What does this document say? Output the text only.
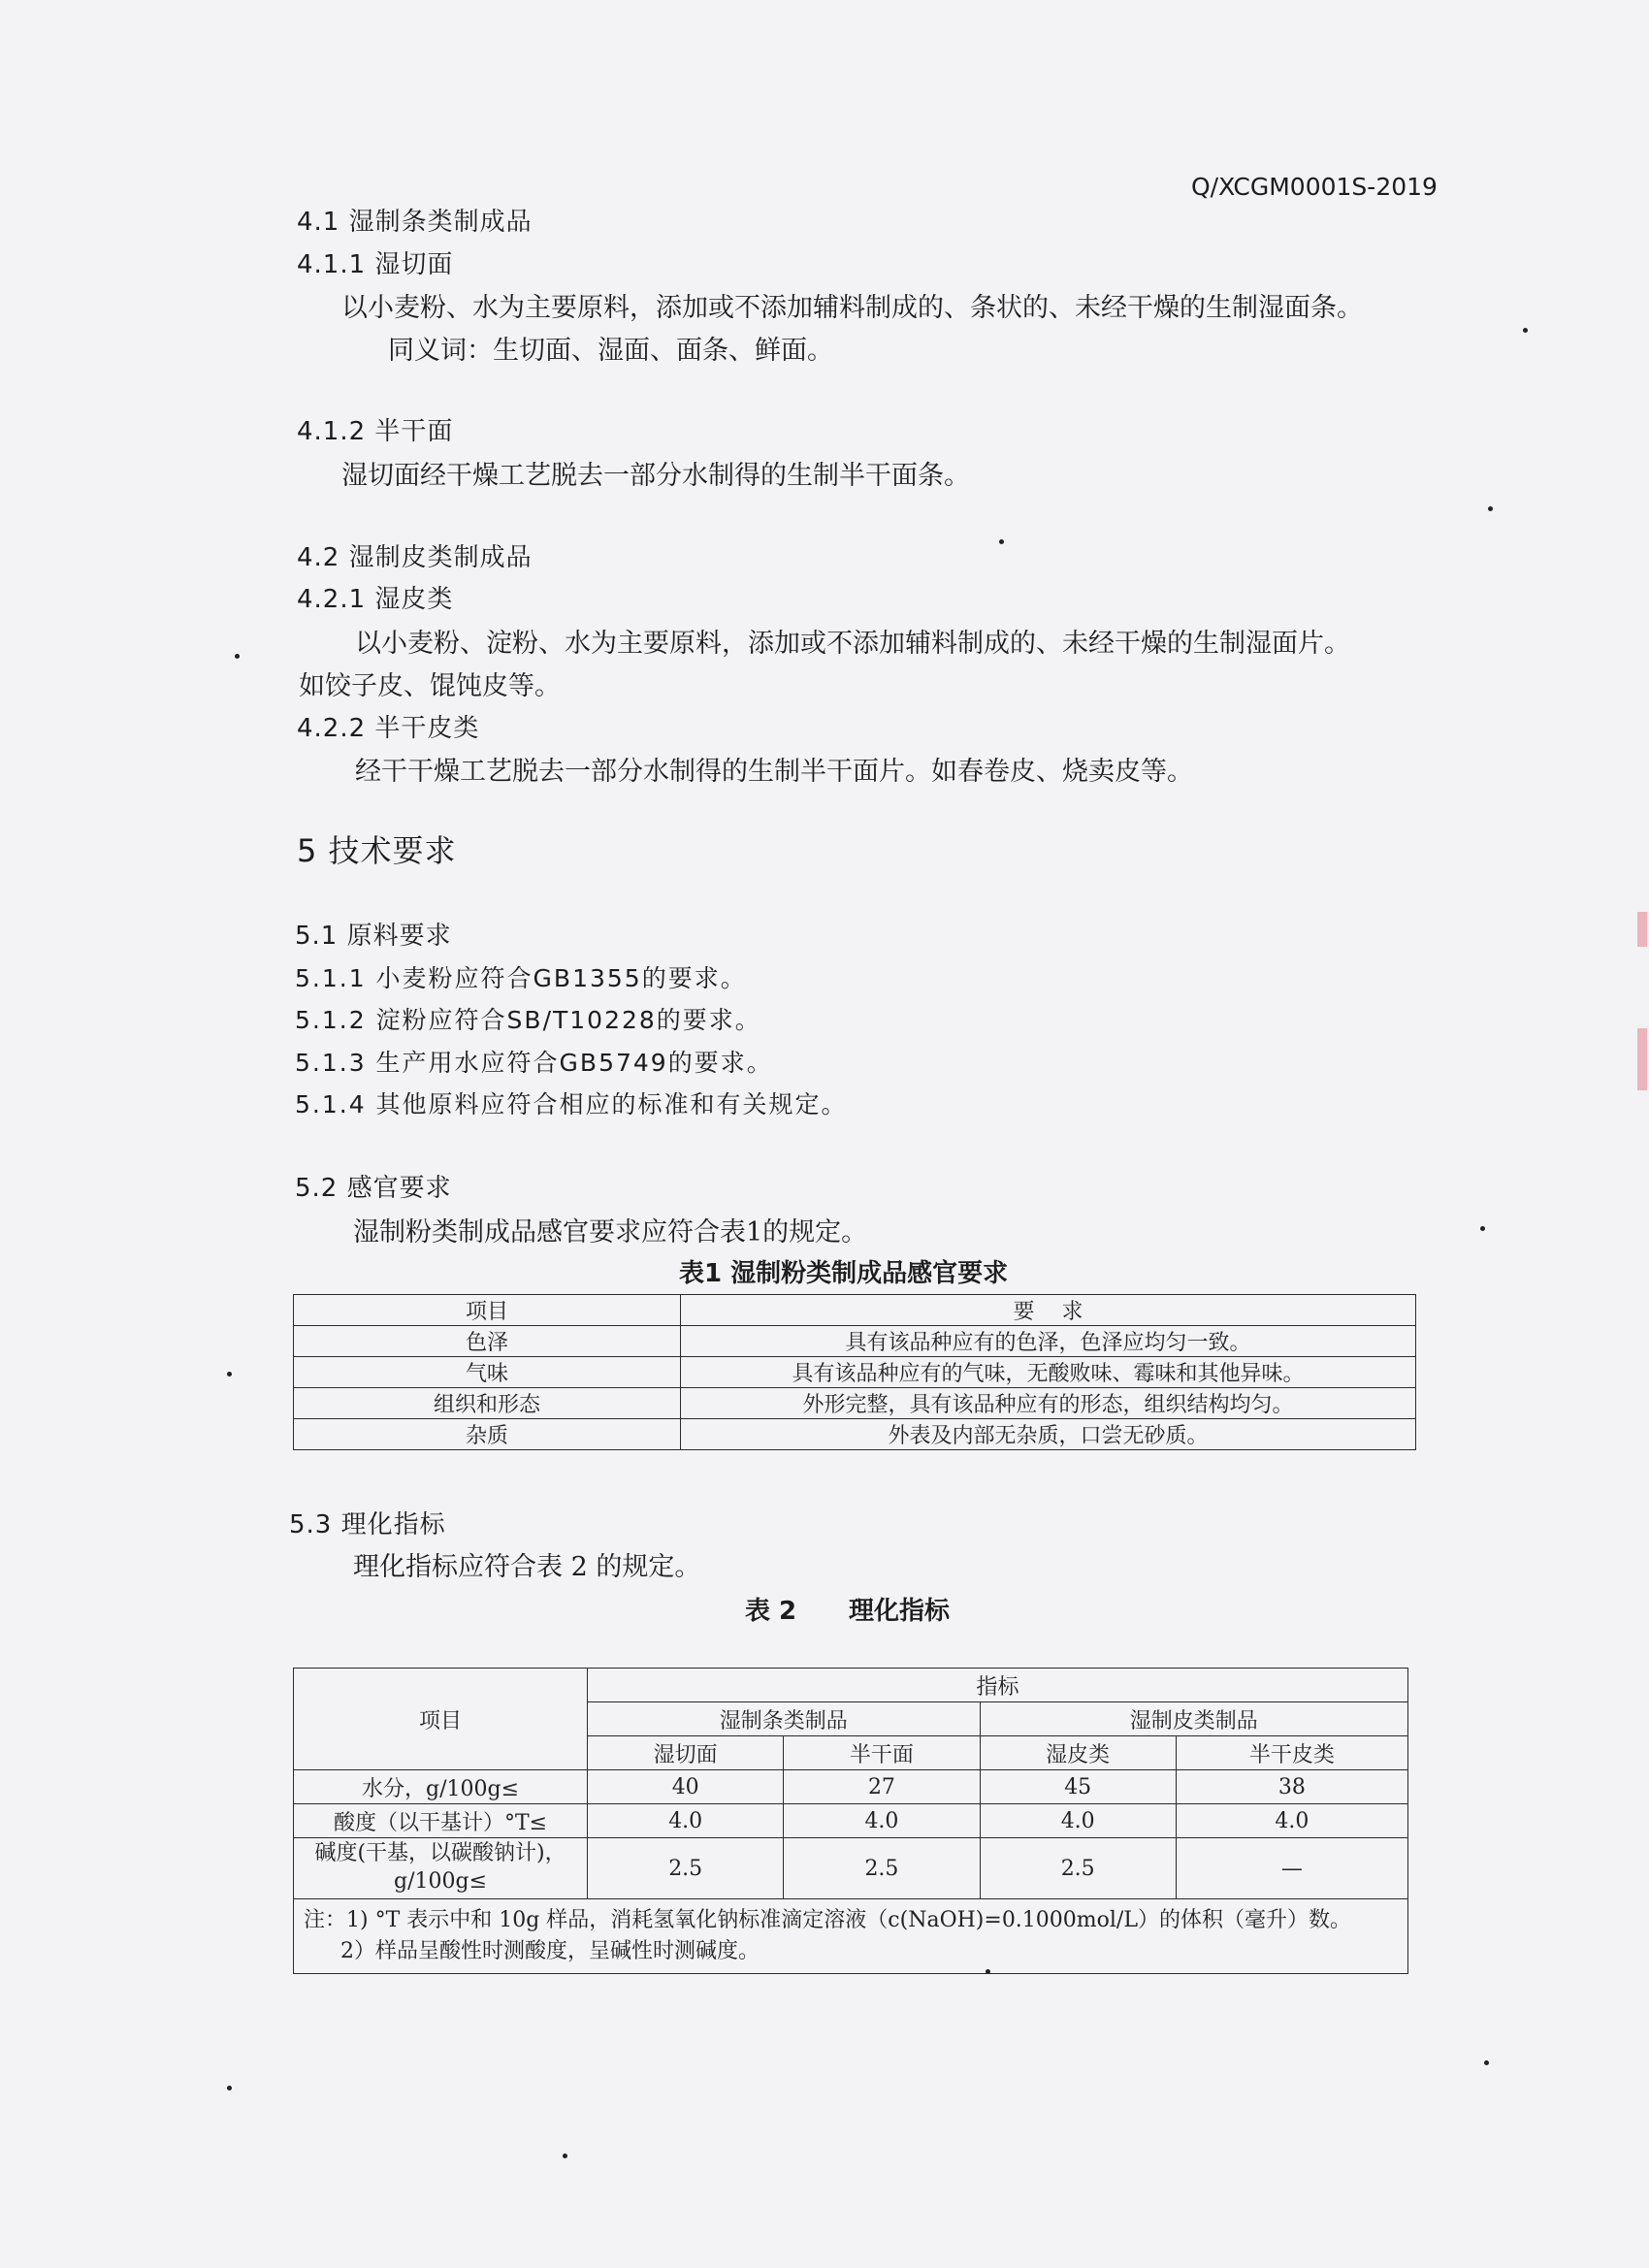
Q/XCGM0001S-2019
4.1 湿制条类制成品
4.1.1 湿切面
以小麦粉、水为主要原料，添加或不添加辅料制成的、条状的、未经干燥的生制湿面条。
同义词：生切面、湿面、面条、鲜面。
4.1.2 半干面
湿切面经干燥工艺脱去一部分水制得的生制半干面条。
4.2 湿制皮类制成品
4.2.1 湿皮类
以小麦粉、淀粉、水为主要原料，添加或不添加辅料制成的、未经干燥的生制湿面片。
如饺子皮、馄饨皮等。
4.2.2 半干皮类
经干干燥工艺脱去一部分水制得的生制半干面片。如春卷皮、烧卖皮等。
5 技术要求
5.1 原料要求
5.1.1 小麦粉应符合GB1355的要求。
5.1.2 淀粉应符合SB/T10228的要求。
5.1.3 生产用水应符合GB5749的要求。
5.1.4 其他原料应符合相应的标准和有关规定。
5.2 感官要求
湿制粉类制成品感官要求应符合表1的规定。
表1 湿制粉类制成品感官要求
项目	要    求
色泽	具有该品种应有的色泽，色泽应均匀一致。
气味	具有该品种应有的气味，无酸败味、霉味和其他异味。
组织和形态	外形完整，具有该品种应有的形态，组织结构均匀。
杂质	外表及内部无杂质，口尝无砂质。
5.3 理化指标
理化指标应符合表 2 的规定。
表 2 理化指标
项目	指标			
	湿制条类制品		湿制皮类制品	
	湿切面	半干面	湿皮类	半干皮类
水分，g/100g≤	40	27	45	38
酸度（以干基计）°T≤	4.0	4.0	4.0	4.0
碱度(干基，以碳酸钠计)，
g/100g≤	2.5	2.5	2.5	—

注：1) °T 表示中和 10g 样品，消耗氢氧化钠标准滴定溶液（c(NaOH)=0.1000mol/L）的体积（毫升）数。
2）样品呈酸性时测酸度，呈碱性时测碱度。				
